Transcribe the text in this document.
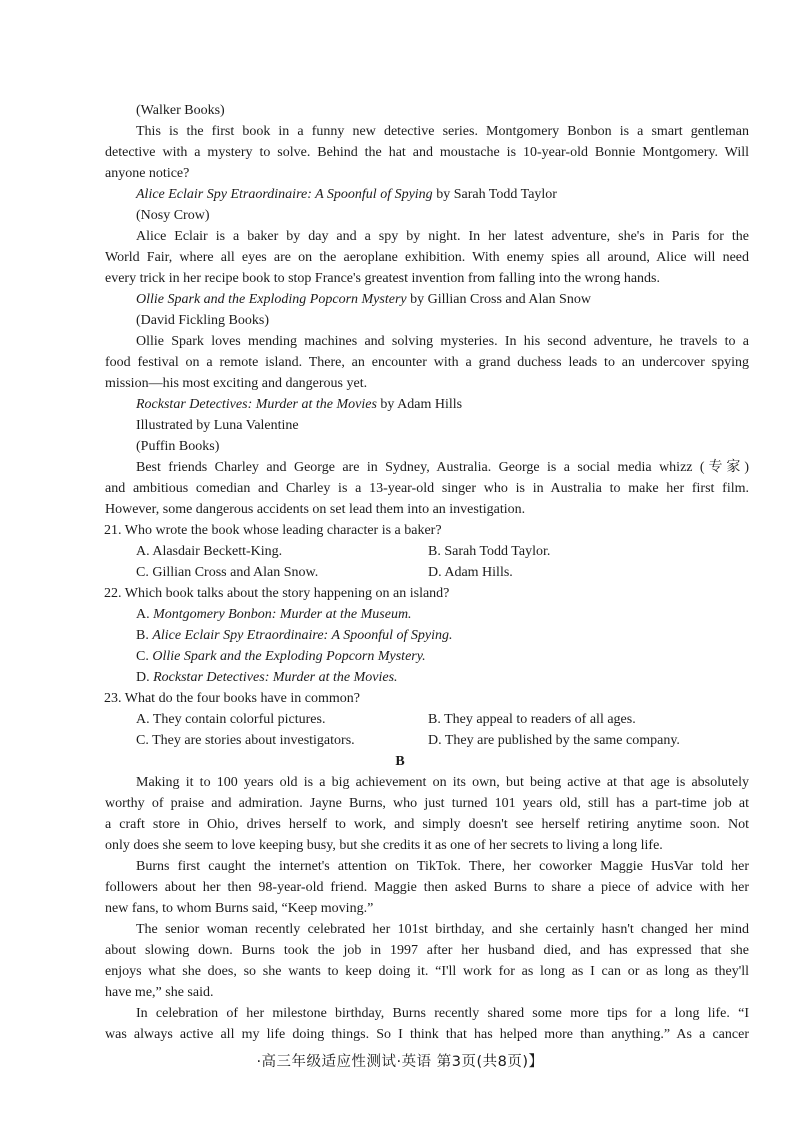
(Walker Books)
This is the first book in a funny new detective series. Montgomery Bonbon is a smart gentleman
detective with a mystery to solve. Behind the hat and moustache is 10-year-old Bonnie Montgomery. Will
anyone notice?
Alice Eclair Spy Etraordinaire: A Spoonful of Spying by Sarah Todd Taylor
(Nosy Crow)
Alice Eclair is a baker by day and a spy by night. In her latest adventure, she's in Paris for the
World Fair, where all eyes are on the aeroplane exhibition. With enemy spies all around, Alice will need
every trick in her recipe book to stop France's greatest invention from falling into the wrong hands.
Ollie Spark and the Exploding Popcorn Mystery by Gillian Cross and Alan Snow
(David Fickling Books)
Ollie Spark loves mending machines and solving mysteries. In his second adventure, he travels to a
food festival on a remote island. There, an encounter with a grand duchess leads to an undercover spying
mission—his most exciting and dangerous yet.
Rockstar Detectives: Murder at the Movies by Adam Hills
Illustrated by Luna Valentine
(Puffin Books)
Best friends Charley and George are in Sydney, Australia. George is a social media whizz (专家)
and ambitious comedian and Charley is a 13-year-old singer who is in Australia to make her first film.
However, some dangerous accidents on set lead them into an investigation.
21. Who wrote the book whose leading character is a baker?
A. Alasdair Beckett-King.	B. Sarah Todd Taylor.
C. Gillian Cross and Alan Snow.	D. Adam Hills.
22. Which book talks about the story happening on an island?
A. Montgomery Bonbon: Murder at the Museum.
B. Alice Eclair Spy Etraordinaire: A Spoonful of Spying.
C. Ollie Spark and the Exploding Popcorn Mystery.
D. Rockstar Detectives: Murder at the Movies.
23. What do the four books have in common?
A. They contain colorful pictures.	B. They appeal to readers of all ages.
C. They are stories about investigators.	D. They are published by the same company.
B
Making it to 100 years old is a big achievement on its own, but being active at that age is absolutely
worthy of praise and admiration. Jayne Burns, who just turned 101 years old, still has a part-time job at
a craft store in Ohio, drives herself to work, and simply doesn't see herself retiring anytime soon. Not
only does she seem to love keeping busy, but she credits it as one of her secrets to living a long life.
Burns first caught the internet's attention on TikTok. There, her coworker Maggie HusVar told her
followers about her then 98-year-old friend. Maggie then asked Burns to share a piece of advice with her
new fans, to whom Burns said, “Keep moving.”
The senior woman recently celebrated her 101st birthday, and she certainly hasn't changed her mind
about slowing down. Burns took the job in 1997 after her husband died, and has expressed that she
enjoys what she does, so she wants to keep doing it. “I'll work for as long as I can or as long as they'll
have me,” she said.
In celebration of her milestone birthday, Burns recently shared some more tips for a long life. “I
was always active all my life doing things. So I think that has helped more than anything.” As a cancer
·高三年级适应性测试·英语 第3页(共8页)】
